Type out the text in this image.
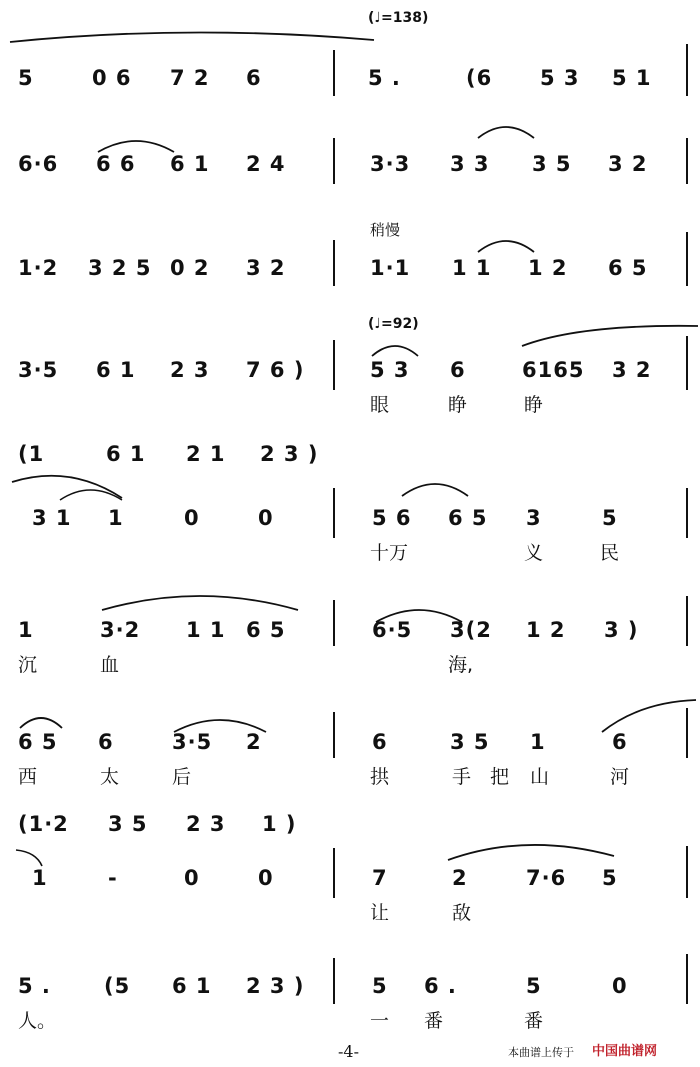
(♩=138)
(♩=92)
稍慢
5	0 6 7 2 6	5 .	(6 5 3 5 1
6·6 6 6 6 1 2 4	3·3 3 3 3 5 3 2
1·2 3 2 5 0 2 3 2	1·1 1 1 1 2 6 5
3·5 6 1 2 3 7 6 )	5 3 6	6165 3 2
眼	睁	睁
(1	6 1 2 1 2 3 )
3 1 1	0	0	5 6 6 5 3	5
十万	义	民
1	3·2 1 1 6 5	6·5 3(2 1 2 3 )
沉	血	海,
6 5 6	3·5 2	6	3 5 1	6
西	太	后	拱	手 把 山	河
(1·2 3 5 2 3 1 )
1	-	0	0	7	2	7·6 5
让	敌
5 .	(5 6 1 2 3 )	5 6 .	5	0
人。	一 番	番
-4-	本曲谱上传于 中国曲谱网
